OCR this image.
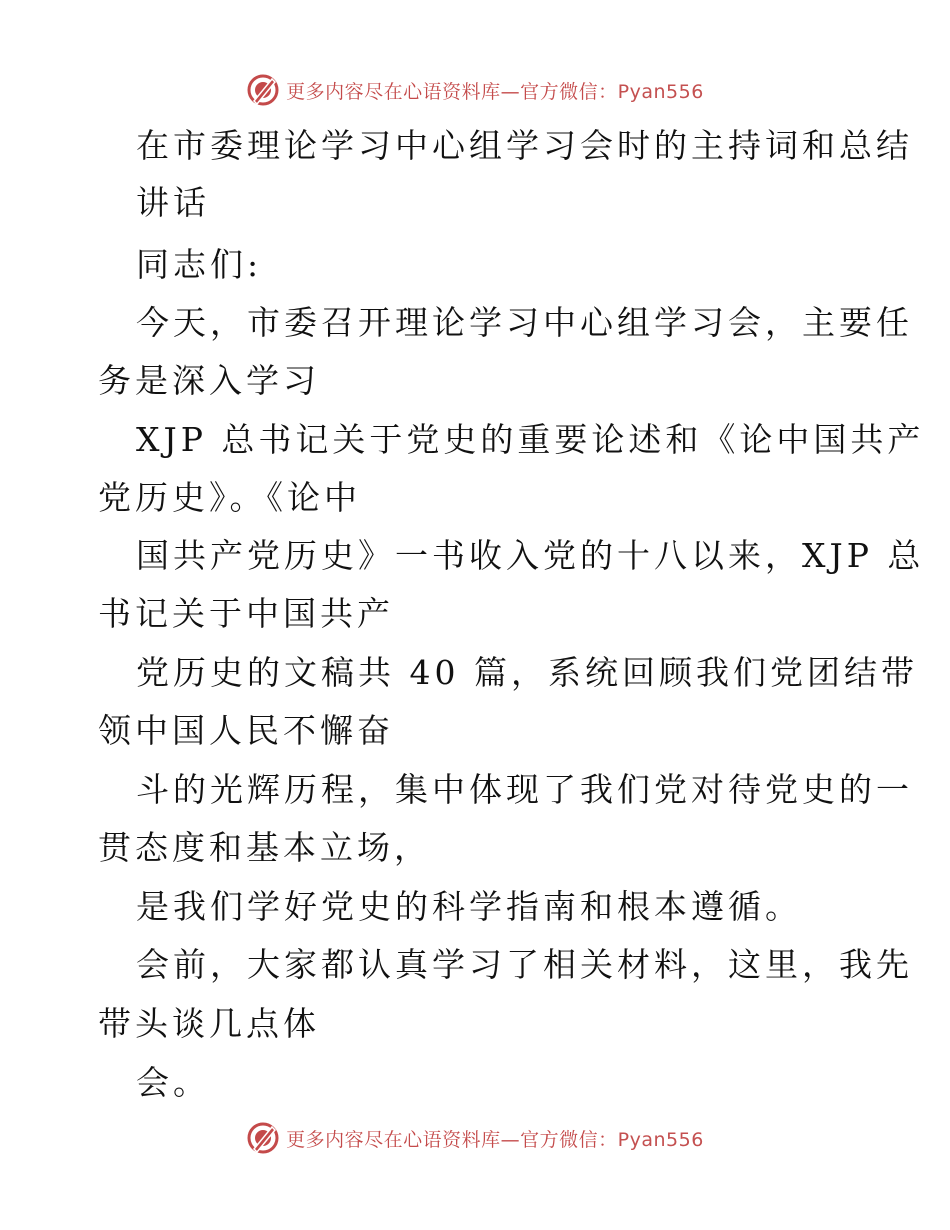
更多内容尽在心语资料库—官方微信：Pyan556
在市委理论学习中心组学习会时的主持词和总结
讲话
同志们:
今天，市委召开理论学习中心组学习会，主要任
务是深入学习
XJP 总书记关于党史的重要论述和《论中国共产
党历史》。《论中
国共产党历史》一书收入党的十八以来，XJP 总
书记关于中国共产
党历史的文稿共 40 篇，系统回顾我们党团结带
领中国人民不懈奋
斗的光辉历程，集中体现了我们党对待党史的一
贯态度和基本立场，
是我们学好党史的科学指南和根本遵循。
会前，大家都认真学习了相关材料，这里，我先
带头谈几点体
会。
更多内容尽在心语资料库—官方微信：Pyan556
